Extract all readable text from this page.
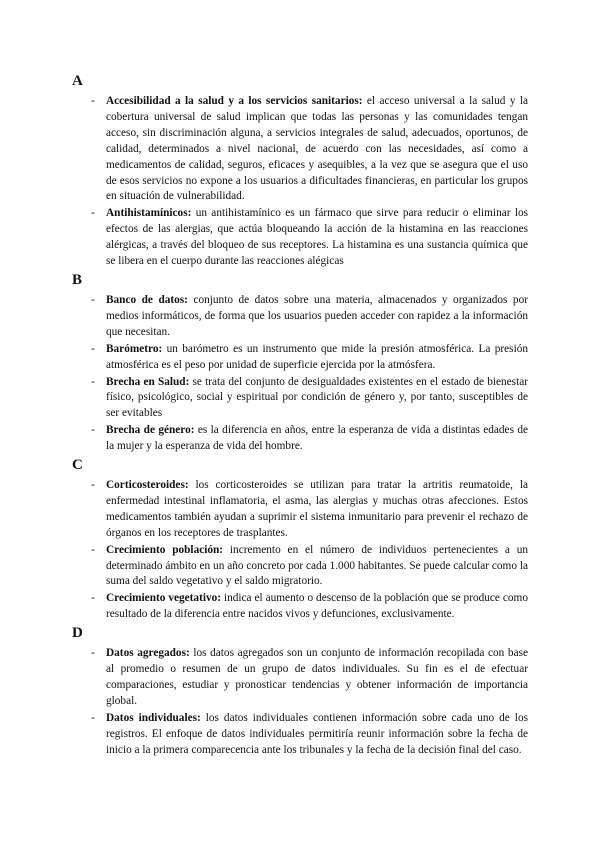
A
- Accesibilidad a la salud y a los servicios sanitarios: el acceso universal a la salud y la cobertura universal de salud implican que todas las personas y las comunidades tengan acceso, sin discriminación alguna, a servicios integrales de salud, adecuados, oportunos, de calidad, determinados a nivel nacional, de acuerdo con las necesidades, así como a medicamentos de calidad, seguros, eficaces y asequibles, a la vez que se asegura que el uso de esos servicios no expone a los usuarios a dificultades financieras, en particular los grupos en situación de vulnerabilidad.
- Antihistamínicos: un antihistamínico es un fármaco que sirve para reducir o eliminar los efectos de las alergias, que actúa bloqueando la acción de la histamina en las reacciones alérgicas, a través del bloqueo de sus receptores. La histamina es una sustancia química que se libera en el cuerpo durante las reacciones alégicas
B
- Banco de datos: conjunto de datos sobre una materia, almacenados y organizados por medios informáticos, de forma que los usuarios pueden acceder con rapidez a la información que necesitan.
- Barómetro: un barómetro es un instrumento que mide la presión atmosférica. La presión atmosférica es el peso por unidad de superficie ejercida por la atmósfera.
- Brecha en Salud: se trata del conjunto de desigualdades existentes en el estado de bienestar físico, psicológico, social y espiritual por condición de género y, por tanto, susceptibles de ser evitables
- Brecha de género: es la diferencia en años, entre la esperanza de vida a distintas edades de la mujer y la esperanza de vida del hombre.
C
- Corticosteroides: los corticosteroides se utilizan para tratar la artritis reumatoide, la enfermedad intestinal inflamatoria, el asma, las alergias y muchas otras afecciones. Estos medicamentos también ayudan a suprimir el sistema inmunitario para prevenir el rechazo de órganos en los receptores de trasplantes.
- Crecimiento población: incremento en el número de individuos pertenecientes a un determinado ámbito en un año concreto por cada 1.000 habitantes. Se puede calcular como la suma del saldo vegetativo y el saldo migratorio.
- Crecimiento vegetativo: indica el aumento o descenso de la población que se produce como resultado de la diferencia entre nacidos vivos y defunciones, exclusivamente.
D
- Datos agregados: los datos agregados son un conjunto de información recopilada con base al promedio o resumen de un grupo de datos individuales. Su fin es el de efectuar comparaciones, estudiar y pronosticar tendencias y obtener información de importancia global.
- Datos individuales: los datos individuales contienen información sobre cada uno de los registros. El enfoque de datos individuales permitiría reunir información sobre la fecha de inicio a la primera comparecencia ante los tribunales y la fecha de la decisión final del caso.
